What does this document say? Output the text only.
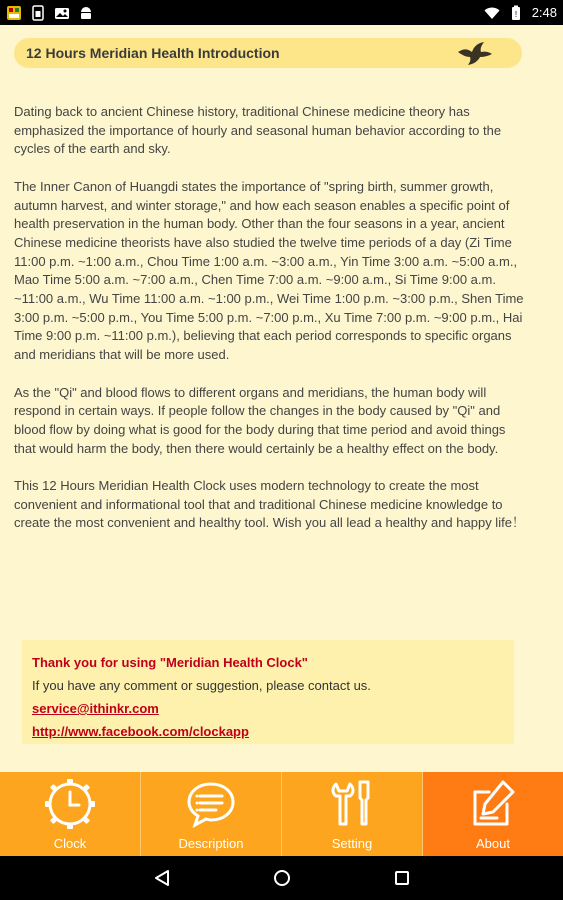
! 2:48
12 Hours Meridian Health Introduction

Dating back to ancient Chinese history, traditional Chinese medicine theory has emphasized the importance of hourly and seasonal human behavior according to the cycles of the earth and sky.

The Inner Canon of Huangdi states the importance of "spring birth, summer growth, autumn harvest, and winter storage," and how each season enables a specific point of health preservation in the human body. Other than the four seasons in a year, ancient Chinese medicine theorists have also studied the twelve time periods of a day (Zi Time 11:00 p.m. ~1:00 a.m., Chou Time 1:00 a.m. ~3:00 a.m., Yin Time 3:00 a.m. ~5:00 a.m., Mao Time 5:00 a.m. ~7:00 a.m., Chen Time 7:00 a.m. ~9:00 a.m., Si Time 9:00 a.m. ~11:00 a.m., Wu Time 11:00 a.m. ~1:00 p.m., Wei Time 1:00 p.m. ~3:00 p.m., Shen Time 3:00 p.m. ~5:00 p.m., You Time 5:00 p.m. ~7:00 p.m., Xu Time 7:00 p.m. ~9:00 p.m., Hai Time 9:00 p.m. ~11:00 p.m.), believing that each period corresponds to specific organs and meridians that will be more used.

As the "Qi" and blood flows to different organs and meridians, the human body will respond in certain ways. If people follow the changes in the body caused by "Qi" and blood flow by doing what is good for the body during that time period and avoid things that would harm the body, then there would certainly be a healthy effect on the body.

This 12 Hours Meridian Health Clock uses modern technology to create the most convenient and informational tool that and traditional Chinese medicine knowledge to create the most convenient and healthy tool. Wish you all lead a healthy and happy life！

Thank you for using "Meridian Health Clock"
If you have any comment or suggestion, please contact us.
service@ithinkr.com
http://www.facebook.com/clockapp
Clock	Description	Setting	About
